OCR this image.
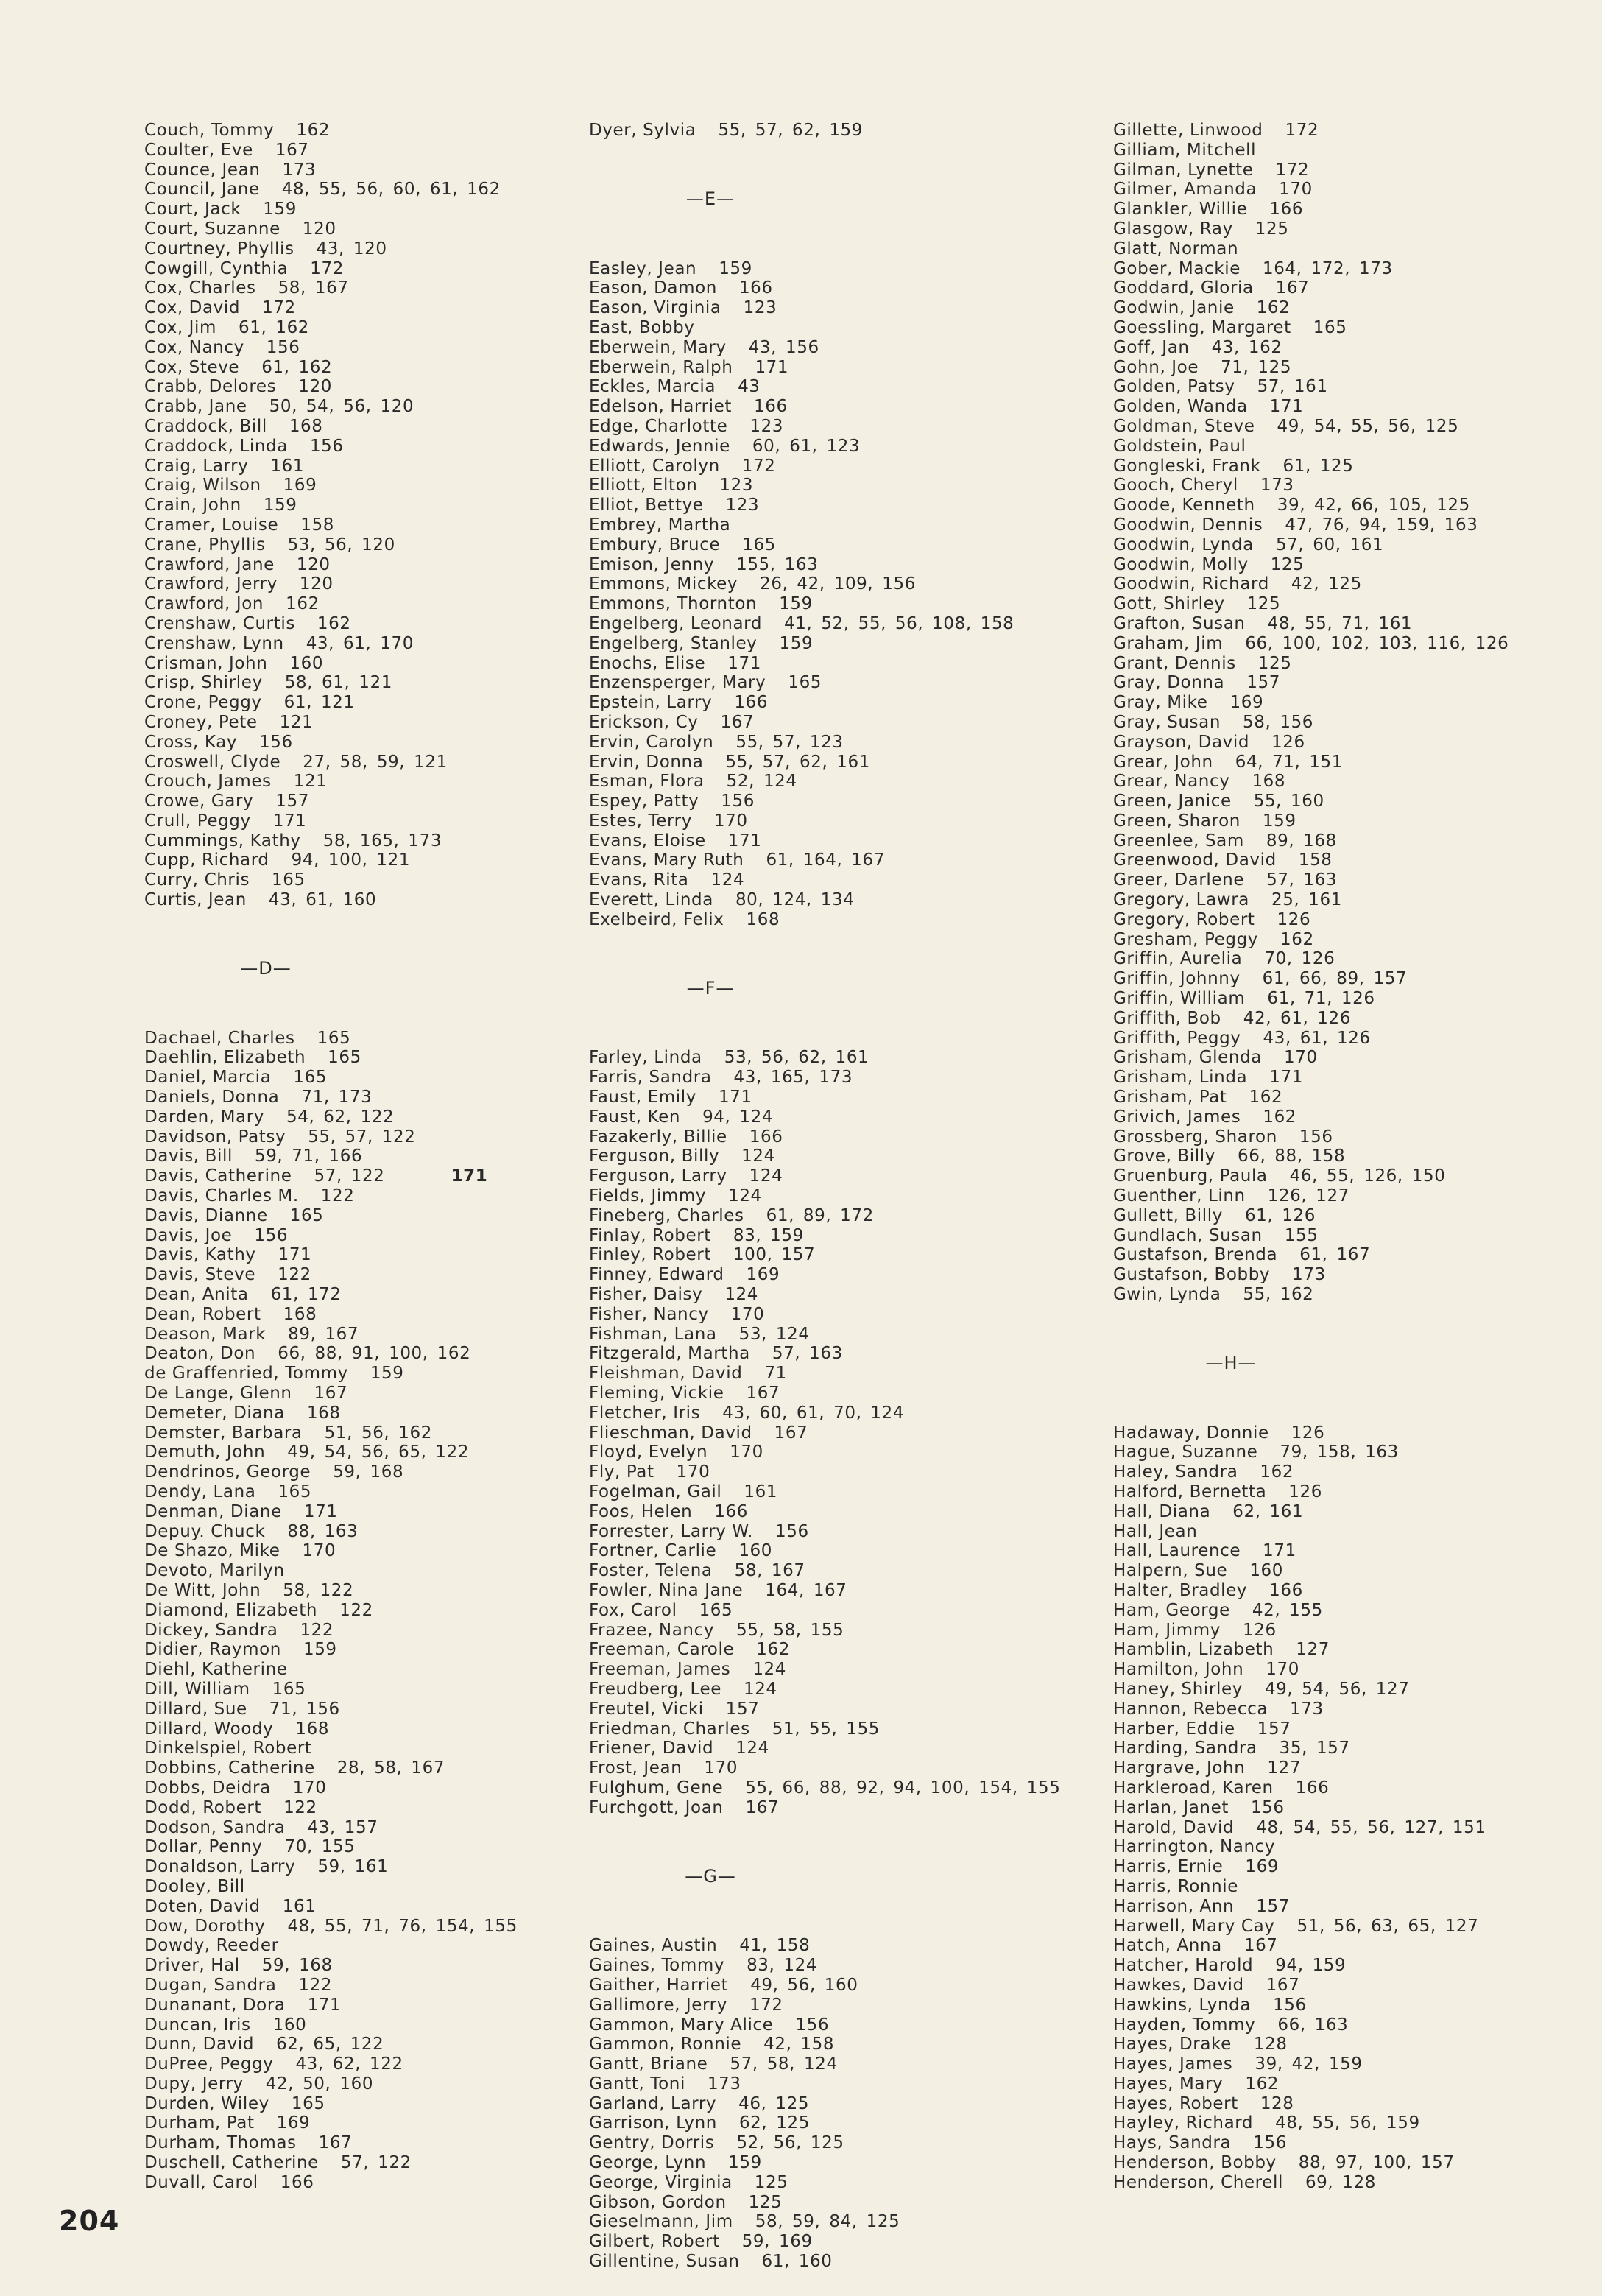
Couch, Tommy 162
Coulter, Eve 167
Counce, Jean 173
Council, Jane 48, 55, 56, 60, 61, 162
Court, Jack 159
Court, Suzanne 120
Courtney, Phyllis 43, 120
Cowgill, Cynthia 172
Cox, Charles 58, 167
Cox, David 172
Cox, Jim 61, 162
Cox, Nancy 156
Cox, Steve 61, 162
Crabb, Delores 120
Crabb, Jane 50, 54, 56, 120
Craddock, Bill 168
Craddock, Linda 156
Craig, Larry 161
Craig, Wilson 169
Crain, John 159
Cramer, Louise 158
Crane, Phyllis 53, 56, 120
Crawford, Jane 120
Crawford, Jerry 120
Crawford, Jon 162
Crenshaw, Curtis 162
Crenshaw, Lynn 43, 61, 170
Crisman, John 160
Crisp, Shirley 58, 61, 121
Crone, Peggy 61, 121
Croney, Pete 121
Cross, Kay 156
Croswell, Clyde 27, 58, 59, 121
Crouch, James 121
Crowe, Gary 157
Crull, Peggy 171
Cummings, Kathy 58, 165, 173
Cupp, Richard 94, 100, 121
Curry, Chris 165
Curtis, Jean 43, 61, 160
—D—
Dachael, Charles 165
Daehlin, Elizabeth 165
Daniel, Marcia 165
Daniels, Donna 71, 173
Darden, Mary 54, 62, 122
Davidson, Patsy 55, 57, 122
Davis, Bill 59, 71, 166
Davis, Catherine 57, 122	171
Davis, Charles M. 122
Davis, Dianne 165
Davis, Joe 156
Davis, Kathy 171
Davis, Steve 122
Dean, Anita 61, 172
Dean, Robert 168
Deason, Mark 89, 167
Deaton, Don 66, 88, 91, 100, 162
de Graffenried, Tommy 159
De Lange, Glenn 167
Demeter, Diana 168
Demster, Barbara 51, 56, 162
Demuth, John 49, 54, 56, 65, 122
Dendrinos, George 59, 168
Dendy, Lana 165
Denman, Diane 171
Depuy. Chuck 88, 163
De Shazo, Mike 170
Devoto, Marilyn
De Witt, John 58, 122
Diamond, Elizabeth 122
Dickey, Sandra 122
Didier, Raymon 159
Diehl, Katherine
Dill, William 165
Dillard, Sue 71, 156
Dillard, Woody 168
Dinkelspiel, Robert
Dobbins, Catherine 28, 58, 167
Dobbs, Deidra 170
Dodd, Robert 122
Dodson, Sandra 43, 157
Dollar, Penny 70, 155
Donaldson, Larry 59, 161
Dooley, Bill
Doten, David 161
Dow, Dorothy 48, 55, 71, 76, 154, 155
Dowdy, Reeder
Driver, Hal 59, 168
Dugan, Sandra 122
Dunanant, Dora 171
Duncan, Iris 160
Dunn, David 62, 65, 122
DuPree, Peggy 43, 62, 122
Dupy, Jerry 42, 50, 160
Durden, Wiley 165
Durham, Pat 169
Durham, Thomas 167
Duschell, Catherine 57, 122
Duvall, Carol 166
Dyer, Sylvia 55, 57, 62, 159
—E—
Easley, Jean 159
Eason, Damon 166
Eason, Virginia 123
East, Bobby
Eberwein, Mary 43, 156
Eberwein, Ralph 171
Eckles, Marcia 43
Edelson, Harriet 166
Edge, Charlotte 123
Edwards, Jennie 60, 61, 123
Elliott, Carolyn 172
Elliott, Elton 123
Elliot, Bettye 123
Embrey, Martha
Embury, Bruce 165
Emison, Jenny 155, 163
Emmons, Mickey 26, 42, 109, 156
Emmons, Thornton 159
Engelberg, Leonard 41, 52, 55, 56, 108, 158
Engelberg, Stanley 159
Enochs, Elise 171
Enzensperger, Mary 165
Epstein, Larry 166
Erickson, Cy 167
Ervin, Carolyn 55, 57, 123
Ervin, Donna 55, 57, 62, 161
Esman, Flora 52, 124
Espey, Patty 156
Estes, Terry 170
Evans, Eloise 171
Evans, Mary Ruth 61, 164, 167
Evans, Rita 124
Everett, Linda 80, 124, 134
Exelbeird, Felix 168
—F—
Farley, Linda 53, 56, 62, 161
Farris, Sandra 43, 165, 173
Faust, Emily 171
Faust, Ken 94, 124
Fazakerly, Billie 166
Ferguson, Billy 124
Ferguson, Larry 124
Fields, Jimmy 124
Fineberg, Charles 61, 89, 172
Finlay, Robert 83, 159
Finley, Robert 100, 157
Finney, Edward 169
Fisher, Daisy 124
Fisher, Nancy 170
Fishman, Lana 53, 124
Fitzgerald, Martha 57, 163
Fleishman, David 71
Fleming, Vickie 167
Fletcher, Iris 43, 60, 61, 70, 124
Flieschman, David 167
Floyd, Evelyn 170
Fly, Pat 170
Fogelman, Gail 161
Foos, Helen 166
Forrester, Larry W. 156
Fortner, Carlie 160
Foster, Telena 58, 167
Fowler, Nina Jane 164, 167
Fox, Carol 165
Frazee, Nancy 55, 58, 155
Freeman, Carole 162
Freeman, James 124
Freudberg, Lee 124
Freutel, Vicki 157
Friedman, Charles 51, 55, 155
Friener, David 124
Frost, Jean 170
Fulghum, Gene 55, 66, 88, 92, 94, 100, 154, 155
Furchgott, Joan 167
—G—
Gaines, Austin 41, 158
Gaines, Tommy 83, 124
Gaither, Harriet 49, 56, 160
Gallimore, Jerry 172
Gammon, Mary Alice 156
Gammon, Ronnie 42, 158
Gantt, Briane 57, 58, 124
Gantt, Toni 173
Garland, Larry 46, 125
Garrison, Lynn 62, 125
Gentry, Dorris 52, 56, 125
George, Lynn 159
George, Virginia 125
Gibson, Gordon 125
Gieselmann, Jim 58, 59, 84, 125
Gilbert, Robert 59, 169
Gillentine, Susan 61, 160
Gillette, Linwood 172
Gilliam, Mitchell
Gilman, Lynette 172
Gilmer, Amanda 170
Glankler, Willie 166
Glasgow, Ray 125
Glatt, Norman
Gober, Mackie 164, 172, 173
Goddard, Gloria 167
Godwin, Janie 162
Goessling, Margaret 165
Goff, Jan 43, 162
Gohn, Joe 71, 125
Golden, Patsy 57, 161
Golden, Wanda 171
Goldman, Steve 49, 54, 55, 56, 125
Goldstein, Paul
Gongleski, Frank 61, 125
Gooch, Cheryl 173
Goode, Kenneth 39, 42, 66, 105, 125
Goodwin, Dennis 47, 76, 94, 159, 163
Goodwin, Lynda 57, 60, 161
Goodwin, Molly 125
Goodwin, Richard 42, 125
Gott, Shirley 125
Grafton, Susan 48, 55, 71, 161
Graham, Jim 66, 100, 102, 103, 116, 126
Grant, Dennis 125
Gray, Donna 157
Gray, Mike 169
Gray, Susan 58, 156
Grayson, David 126
Grear, John 64, 71, 151
Grear, Nancy 168
Green, Janice 55, 160
Green, Sharon 159
Greenlee, Sam 89, 168
Greenwood, David 158
Greer, Darlene 57, 163
Gregory, Lawra 25, 161
Gregory, Robert 126
Gresham, Peggy 162
Griffin, Aurelia 70, 126
Griffin, Johnny 61, 66, 89, 157
Griffin, William 61, 71, 126
Griffith, Bob 42, 61, 126
Griffith, Peggy 43, 61, 126
Grisham, Glenda 170
Grisham, Linda 171
Grisham, Pat 162
Grivich, James 162
Grossberg, Sharon 156
Grove, Billy 66, 88, 158
Gruenburg, Paula 46, 55, 126, 150
Guenther, Linn 126, 127
Gullett, Billy 61, 126
Gundlach, Susan 155
Gustafson, Brenda 61, 167
Gustafson, Bobby 173
Gwin, Lynda 55, 162
—H—
Hadaway, Donnie 126
Hague, Suzanne 79, 158, 163
Haley, Sandra 162
Halford, Bernetta 126
Hall, Diana 62, 161
Hall, Jean
Hall, Laurence 171
Halpern, Sue 160
Halter, Bradley 166
Ham, George 42, 155
Ham, Jimmy 126
Hamblin, Lizabeth 127
Hamilton, John 170
Haney, Shirley 49, 54, 56, 127
Hannon, Rebecca 173
Harber, Eddie 157
Harding, Sandra 35, 157
Hargrave, John 127
Harkleroad, Karen 166
Harlan, Janet 156
Harold, David 48, 54, 55, 56, 127, 151
Harrington, Nancy
Harris, Ernie 169
Harris, Ronnie
Harrison, Ann 157
Harwell, Mary Cay 51, 56, 63, 65, 127
Hatch, Anna 167
Hatcher, Harold 94, 159
Hawkes, David 167
Hawkins, Lynda 156
Hayden, Tommy 66, 163
Hayes, Drake 128
Hayes, James 39, 42, 159
Hayes, Mary 162
Hayes, Robert 128
Hayley, Richard 48, 55, 56, 159
Hays, Sandra 156
Henderson, Bobby 88, 97, 100, 157
Henderson, Cherell 69, 128
204
